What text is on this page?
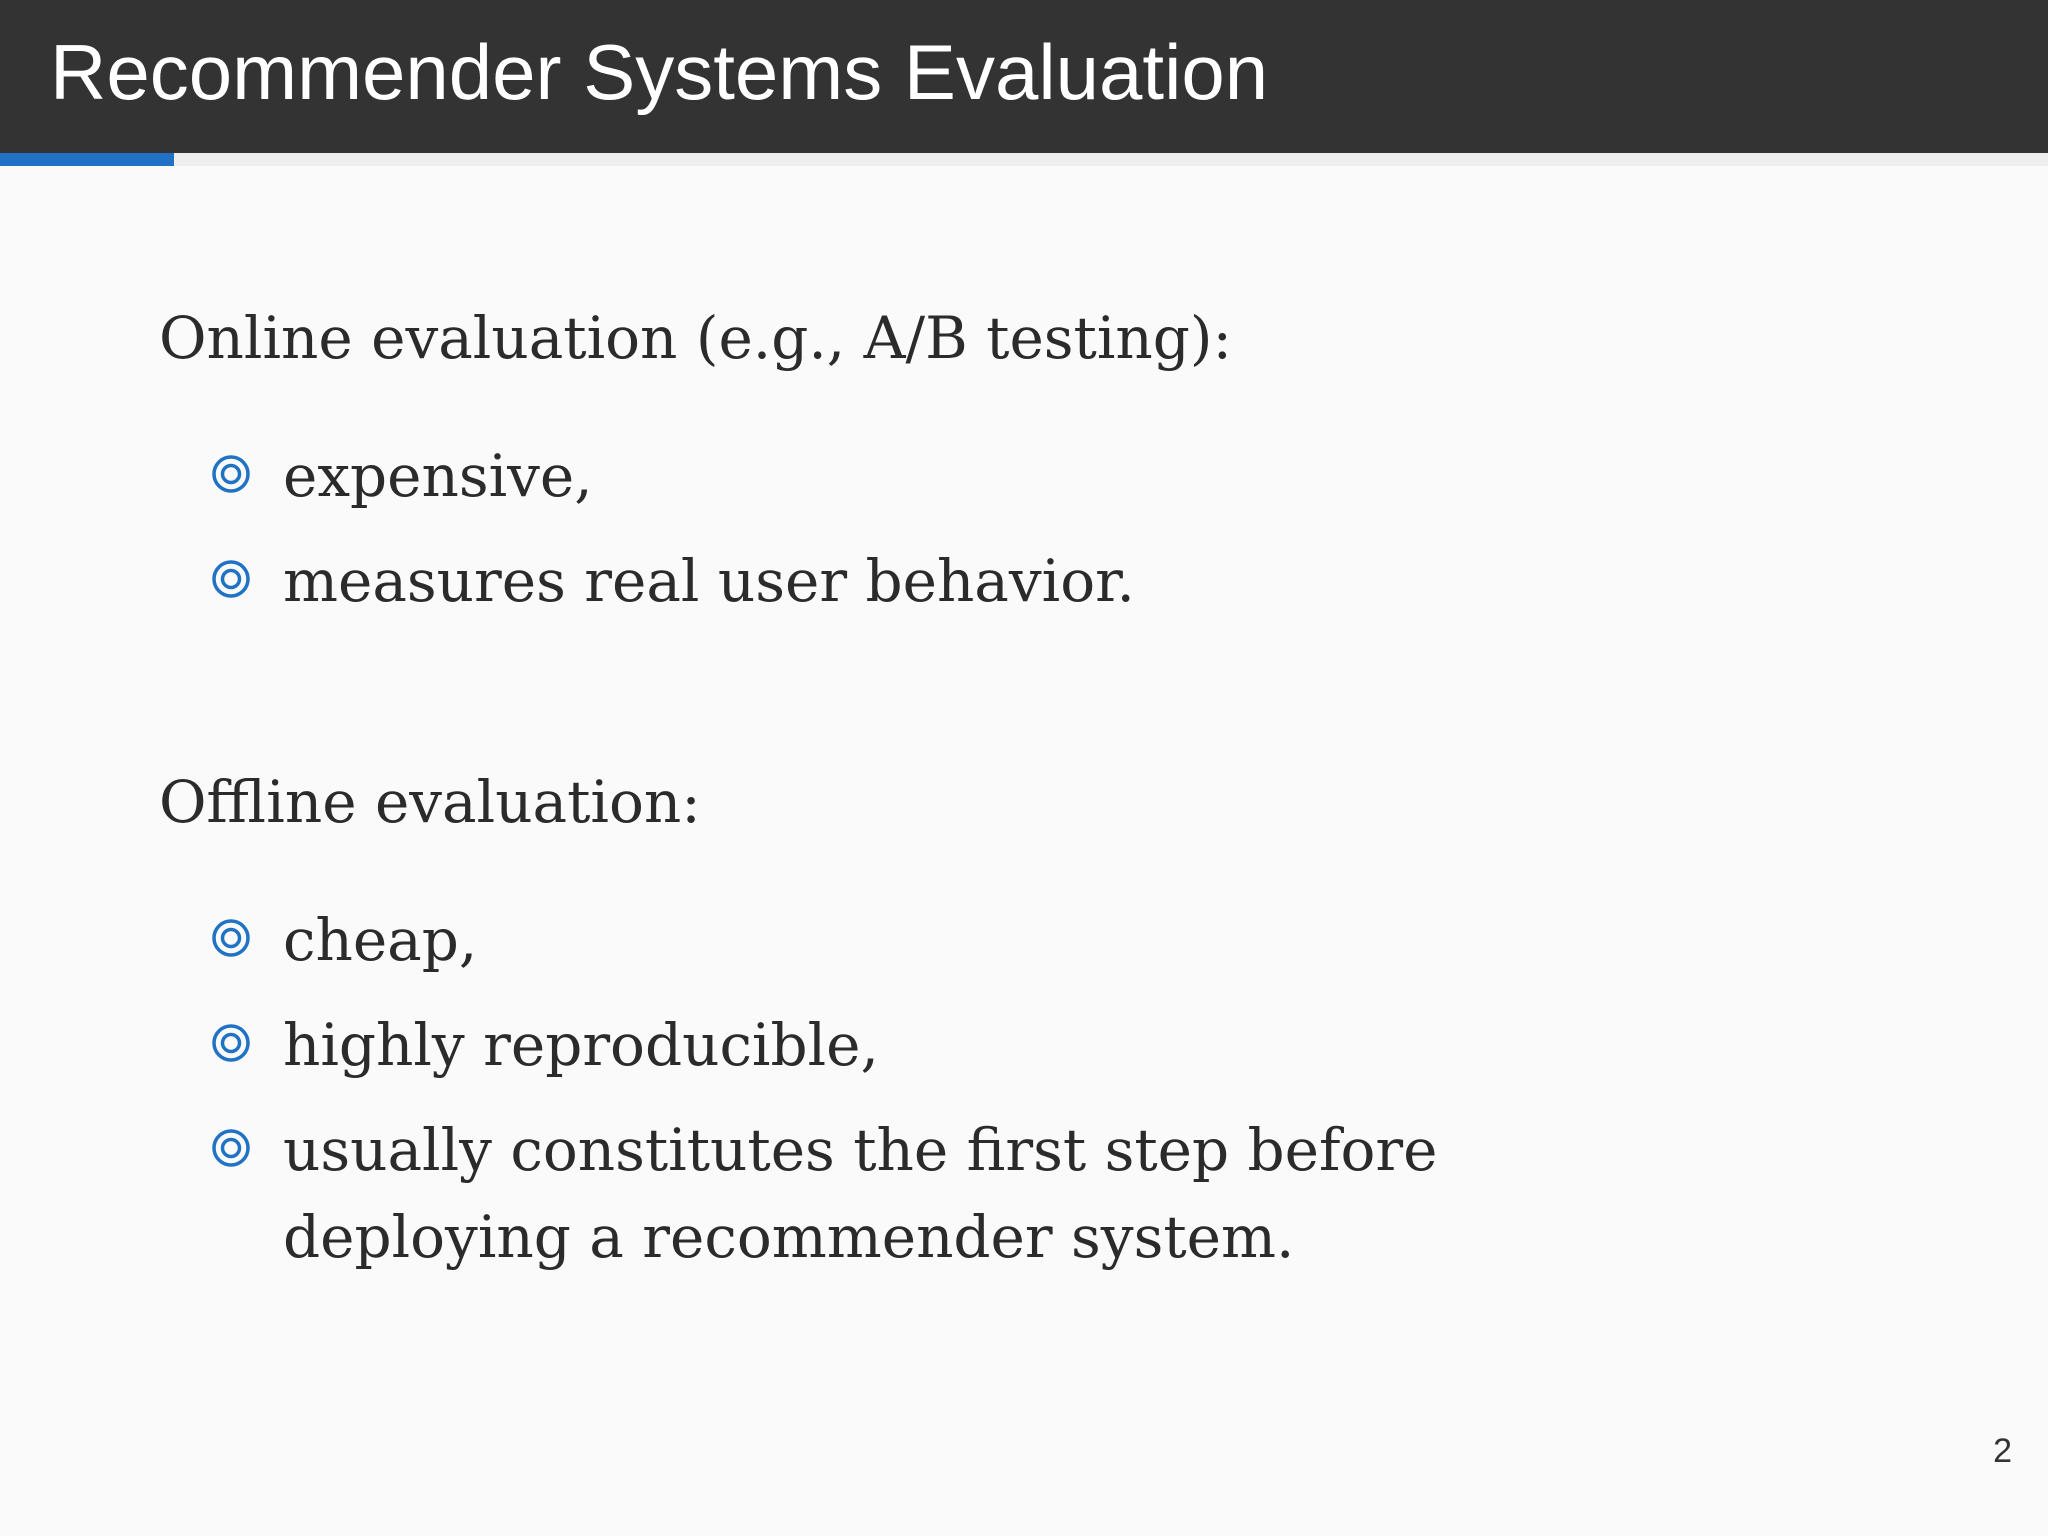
Recommender Systems Evaluation
Online evaluation (e.g., A/B testing):
expensive,
measures real user behavior.
Offline evaluation:
cheap,
highly reproducible,
usually constitutes the first step before deploying a recommender system.
2
